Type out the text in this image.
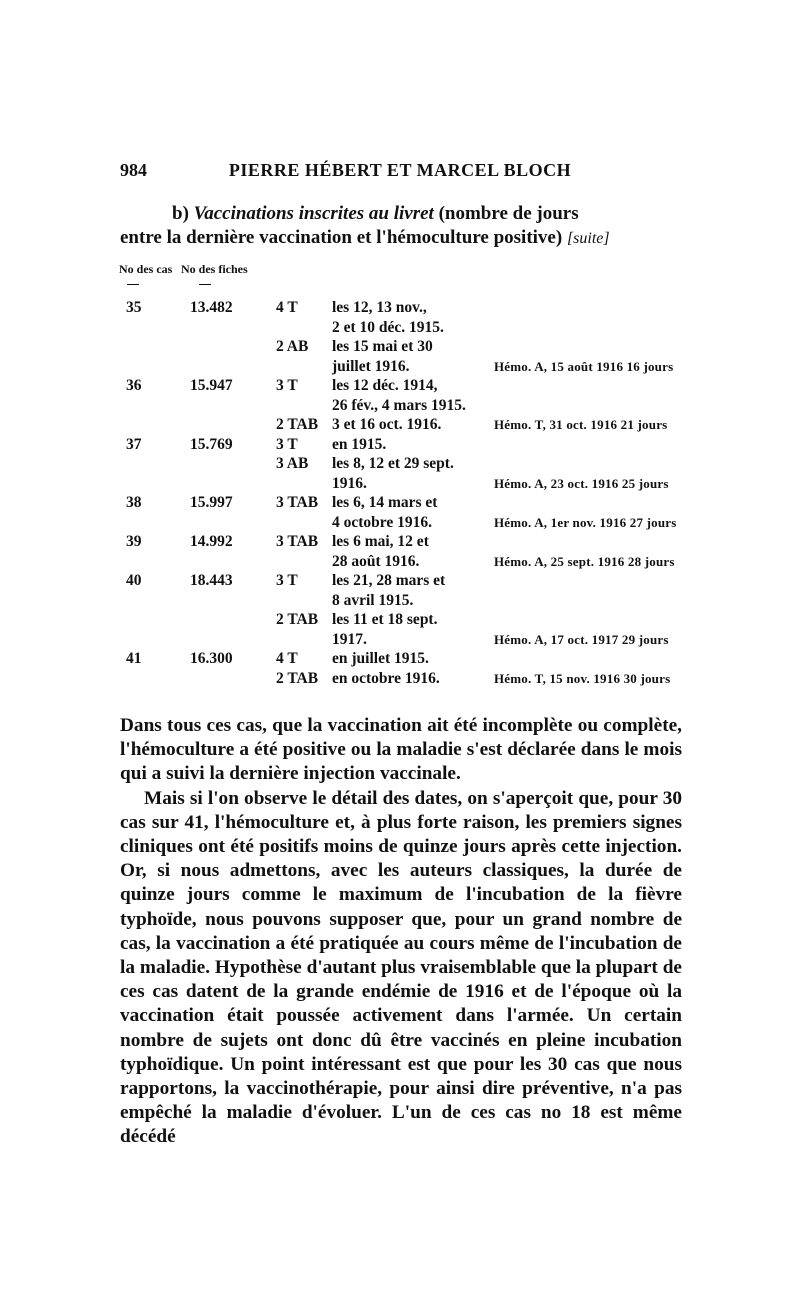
984	PIERRE HÉBERT ET MARCEL BLOCH
b) Vaccinations inscrites au livret (nombre de jours
entre la dernière vaccination et l'hémoculture positive) [suite]
No des cas No des fiches
35	13.482	4 T	les 12, 13 nov.,
2 et 10 déc. 1915.
2 AB	les 15 mai et 30
juillet 1916.	Hémo. A, 15 août 1916 16 jours
36	15.947	3 T	les 12 déc. 1914,
26 fév., 4 mars 1915.
2 TAB 3 et 16 oct. 1916.	Hémo. T, 31 oct. 1916 21 jours
37	15.769	3 T	en 1915.
3 AB	les 8, 12 et 29 sept.
1916.	Hémo. A, 23 oct. 1916 25 jours
38	15.997	3 TAB les 6, 14 mars et
4 octobre 1916.	Hémo. A, 1er nov. 1916 27 jours
39	14.992	3 TAB les 6 mai, 12 et
28 août 1916.	Hémo. A, 25 sept. 1916 28 jours
40	18.443	3 T	les 21, 28 mars et
8 avril 1915.
2 TAB les 11 et 18 sept.
1917.	Hémo. A, 17 oct. 1917 29 jours
41	16.300	4 T	en juillet 1915.
2 TAB en octobre 1916.	Hémo. T, 15 nov. 1916 30 jours

Dans tous ces cas, que la vaccination ait été incomplète ou complète, l'hémoculture a été positive ou la maladie s'est déclarée dans le mois qui a suivi la dernière injection vaccinale.

Mais si l'on observe le détail des dates, on s'aperçoit que, pour 30 cas sur 41, l'hémoculture et, à plus forte raison, les premiers signes cliniques ont été positifs moins de quinze jours après cette injection. Or, si nous admettons, avec les auteurs classiques, la durée de quinze jours comme le maximum de l'incubation de la fièvre typhoïde, nous pouvons supposer que, pour un grand nombre de cas, la vaccination a été pratiquée au cours même de l'incubation de la maladie. Hypothèse d'autant plus vraisemblable que la plupart de ces cas datent de la grande endémie de 1916 et de l'époque où la vaccination était poussée activement dans l'armée. Un certain nombre de sujets ont donc dû être vaccinés en pleine incubation typhoïdique. Un point intéressant est que pour les 30 cas que nous rapportons, la vaccinothérapie, pour ainsi dire préventive, n'a pas empêché la maladie d'évoluer. L'un de ces cas no 18 est même décédé
